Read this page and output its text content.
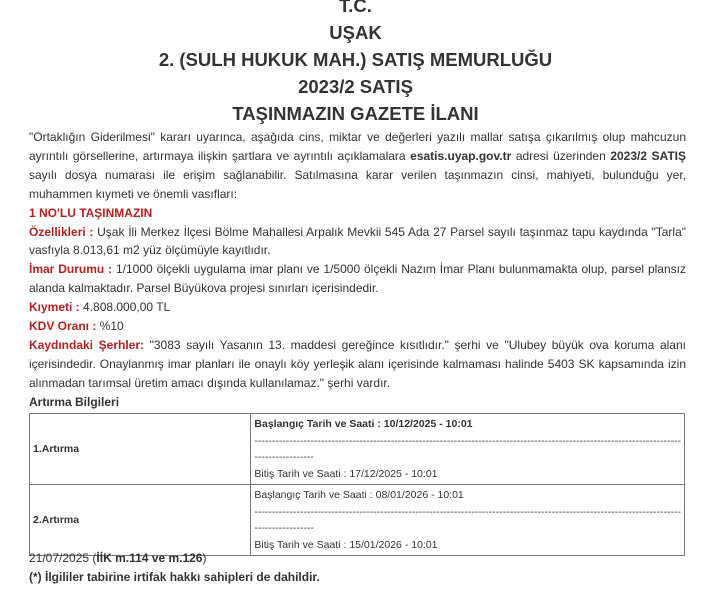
T.C.
UŞAK
2. (SULH HUKUK MAH.) SATIŞ MEMURLUĞU
2023/2 SATIŞ
TAŞINMAZIN GAZETE İLANI

"Ortaklığın Giderilmesi" kararı uyarınca, aşağıda cins, miktar ve değerleri yazılı mallar satışa çıkarılmış olup mahcuzun ayrıntılı görsellerine, artırmaya ilişkin şartlara ve ayrıntılı açıklamalara esatis.uyap.gov.tr adresi üzerinden 2023/2 SATIŞ sayılı dosya numarası ile erişim sağlanabilir. Satılmasına karar verilen taşınmazın cinsi, mahiyeti, bulunduğu yer, muhammen kıymeti ve önemli vasıfları:

1 NO'LU TAŞINMAZIN

Özellikleri : Uşak İli Merkez İlçesi Bölme Mahallesi Arpalık Mevkii 545 Ada 27 Parsel sayılı taşınmaz tapu kaydında "Tarla" vasfıyla 8.013,61 m2 yüz ölçümüyle kayıtlıdır.

İmar Durumu : 1/1000 ölçekli uygulama imar planı ve 1/5000 ölçekli Nazım İmar Planı bulunmamakta olup, parsel plansız alanda kalmaktadır. Parsel Büyükova projesi sınırları içerisindedir.

Kıymeti : 4.808.000,00 TL

KDV Oranı : %10

Kaydındaki Şerhler: "3083 sayılı Yasanın 13. maddesi gereğince kısıtlıdır." şerhi ve "Ulubey büyük ova koruma alanı içerisindedir. Onaylanmış imar planları ile onaylı köy yerleşik alanı içerisinde kalmaması halinde 5403 SK kapsamında izin alınmadan tarımsal üretim amacı dışında kullanılamaz." şerhi vardır.

Artırma Bilgileri

1.Artırma	Başlangıç Tarih ve Saati : 10/12/2025 - 10:01
--------------------------------------------------------------------------------------------------------------------------
-----------------
Bitiş Tarih ve Saati : 17/12/2025 - 10:01

2.Artırma	Başlangıç Tarih ve Saati : 08/01/2026 - 10:01
--------------------------------------------------------------------------------------------------------------------------
-----------------
Bitiş Tarih ve Saati : 15/01/2026 - 10:01

21/07/2025 (İİK m.114 ve m.126)

(*) İlgililer tabirine irtifak hakkı sahipleri de dahildir.
